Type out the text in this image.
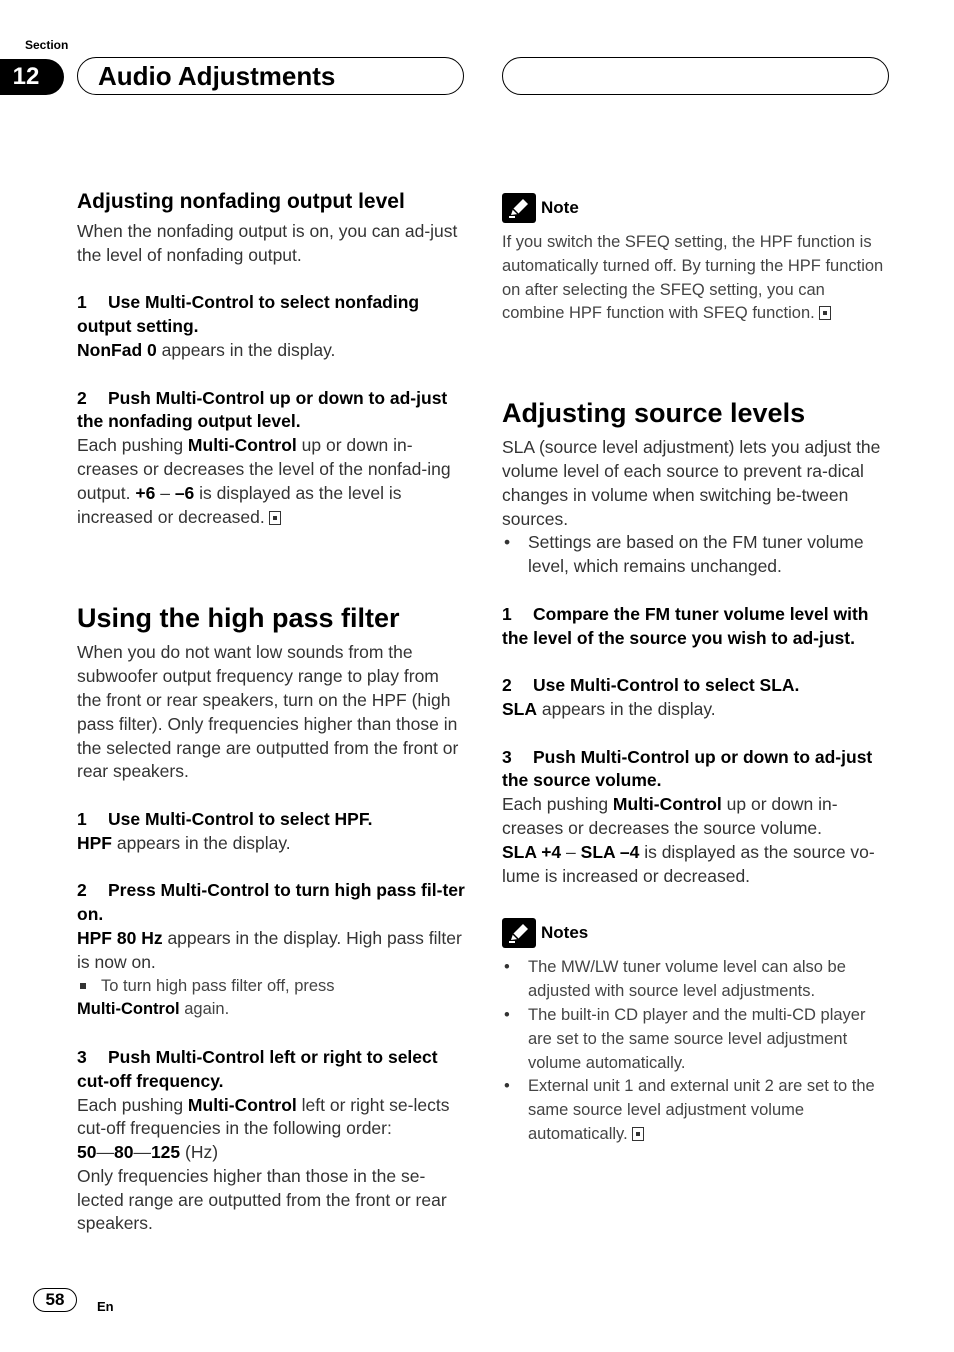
Section
12	Audio Adjustments
Adjusting nonfading output level

When the nonfading output is on, you can ad-just the level of nonfading output.

1 Use Multi-Control to select nonfading output setting.

NonFad 0 appears in the display.

2 Push Multi-Control up or down to ad-just the nonfading output level.

Each pushing Multi-Control up or down in-creases or decreases the level of the nonfad-ing output. +6 – –6 is displayed as the level is increased or decreased.

Using the high pass filter

When you do not want low sounds from the subwoofer output frequency range to play from the front or rear speakers, turn on the HPF (high pass filter). Only frequencies higher than those in the selected range are outputted from the front or rear speakers.

1 Use Multi-Control to select HPF.

HPF appears in the display.

2 Press Multi-Control to turn high pass fil-ter on.

HPF 80 Hz appears in the display. High pass filter is now on.

To turn high pass filter off, press

Multi-Control again.

3 Push Multi-Control left or right to select cut-off frequency.

Each pushing Multi-Control left or right se-lects cut-off frequencies in the following order:

50—80—125 (Hz)

Only frequencies higher than those in the se-lected range are outputted from the front or rear speakers.

Note

If you switch the SFEQ setting, the HPF function is automatically turned off. By turning the HPF function on after selecting the SFEQ setting, you can combine HPF function with SFEQ function.

Adjusting source levels

SLA (source level adjustment) lets you adjust the volume level of each source to prevent ra-dical changes in volume when switching be-tween sources.

• Settings are based on the FM tuner volume level, which remains unchanged.

1 Compare the FM tuner volume level with the level of the source you wish to ad-just.

2 Use Multi-Control to select SLA.

SLA appears in the display.

3 Push Multi-Control up or down to ad-just the source volume.

Each pushing Multi-Control up or down in-creases or decreases the source volume.

SLA +4 – SLA –4 is displayed as the source vo-lume is increased or decreased.

Notes
• The MW/LW tuner volume level can also be adjusted with source level adjustments.
• The built-in CD player and the multi-CD player are set to the same source level adjustment volume automatically.
• External unit 1 and external unit 2 are set to the same source level adjustment volume automatically.
58	En
